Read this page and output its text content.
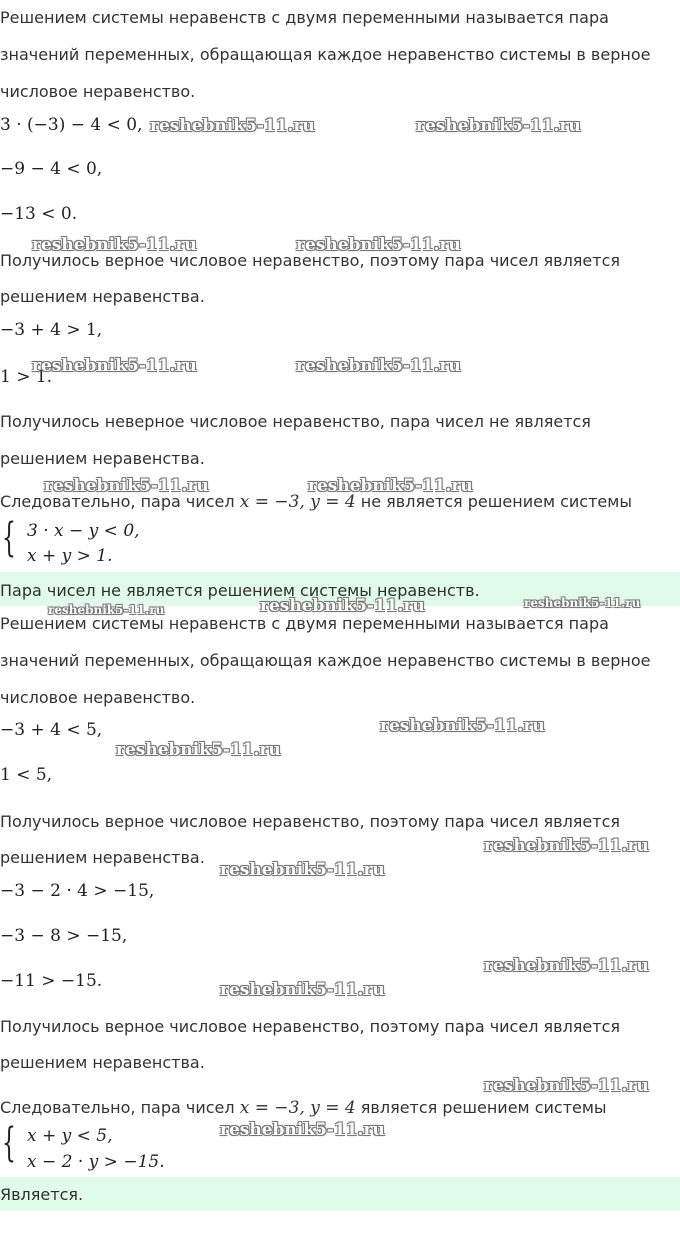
Решением системы неравенств с двумя переменными называется пара
значений переменных, обращающая каждое неравенство системы в верное
числовое неравенство.
3 · (−3) − 4 < 0,
−9 − 4 < 0,
−13 < 0.
Получилось верное числовое неравенство, поэтому пара чисел является
решением неравенства.
−3 + 4 > 1,
1 > 1.
Получилось неверное числовое неравенство, пара чисел не является
решением неравенства.
Следовательно, пара чисел x = −3, y = 4 не является решением системы
{ 3 · x − y < 0,
x + y > 1.
Пара чисел не является решением системы неравенств.
Решением системы неравенств с двумя переменными называется пара
значений переменных, обращающая каждое неравенство системы в верное
числовое неравенство.
−3 + 4 < 5,
1 < 5,
Получилось верное числовое неравенство, поэтому пара чисел является
решением неравенства.
−3 − 2 · 4 > −15,
−3 − 8 > −15,
−11 > −15.
Получилось верное числовое неравенство, поэтому пара чисел является
решением неравенства.
Следовательно, пара чисел x = −3, y = 4 является решением системы
{ x + y < 5,
x − 2 · y > −15.
Является.
reshebnik5-11.ru	reshebnik5-11.ru
reshebnik5-11.ru	reshebnik5-11.ru
reshebnik5-11.ru	reshebnik5-11.ru
reshebnik5-11.ru	reshebnik5-11.ru
reshebnik5-11.ru	reshebnik5-11.ru	reshebnik5-11.ru
reshebnik5-11.ru
reshebnik5-11.ru
reshebnik5-11.ru
reshebnik5-11.ru
reshebnik5-11.ru
reshebnik5-11.ru
reshebnik5-11.ru
reshebnik5-11.ru
